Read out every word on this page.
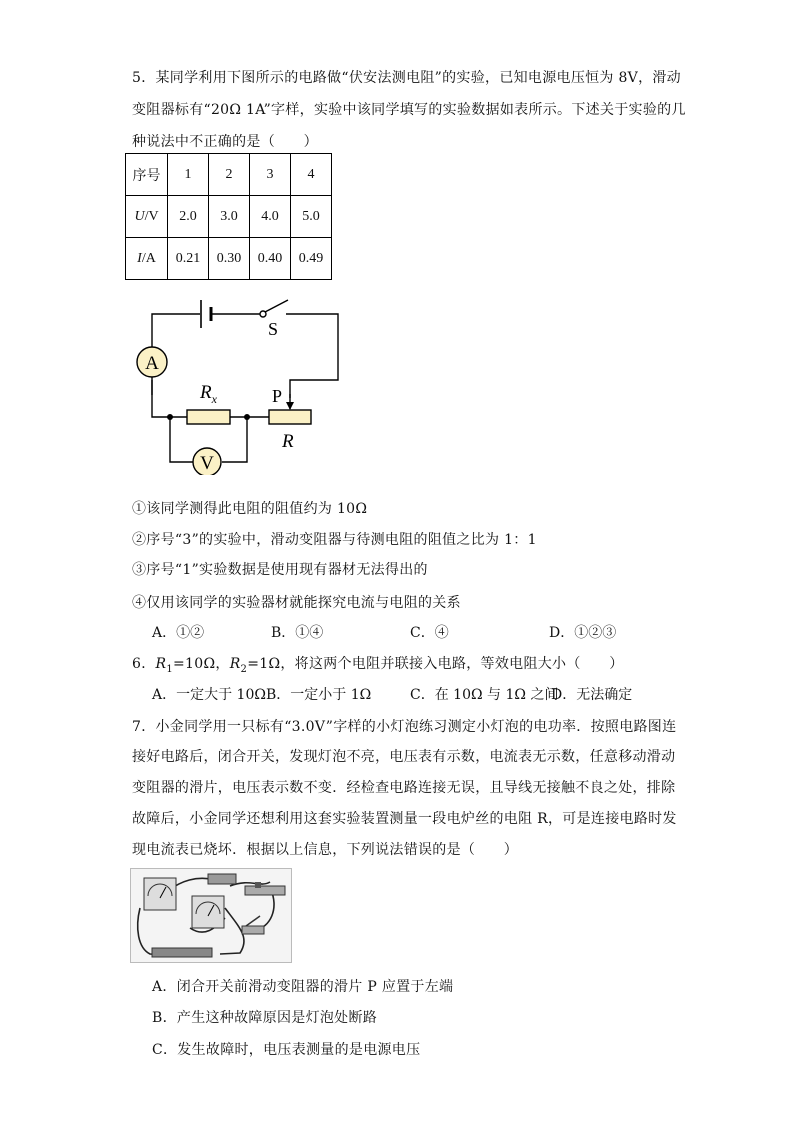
5．某同学利用下图所示的电路做“伏安法测电阻”的实验，已知电源电压恒为 8V，滑动
变阻器标有“20Ω 1A”字样，实验中该同学填写的实验数据如表所示。下述关于实验的几
种说法中不正确的是（　　）
序号	1	2	3	4
U/V	2.0	3.0	4.0	5.0
I/A	0.21	0.30	0.40	0.49
A
$R_x$
R
P
S
V
①该同学测得此电阻的阻值约为 10Ω
②序号“3”的实验中，滑动变阻器与待测电阻的阻值之比为 1：1
③序号“1”实验数据是使用现有器材无法得出的
④仅用该同学的实验器材就能探究电流与电阻的关系
A．①②	B．①④	C．④	D．①②③
6．$R_1=10\Omega$，$R_2=1\Omega$，将这两个电阻并联接入电路，等效电阻大小（　　）
A．一定大于 10Ω B．一定小于 1Ω	C．在 10Ω 与 1Ω 之间
D．无法确定
7．小金同学用一只标有“3.0V”字样的小灯泡练习测定小灯泡的电功率．按照电路图连
接好电路后，闭合开关，发现灯泡不亮，电压表有示数，电流表无示数，任意移动滑动
变阻器的滑片，电压表示数不变．经检查电路连接无误，且导线无接触不良之处，排除
故障后，小金同学还想利用这套实验装置测量一段电炉丝的电阻 R，可是连接电路时发
现电流表已烧坏．根据以上信息，下列说法错误的是（　　）
A．闭合开关前滑动变阻器的滑片 P 应置于左端
B．产生这种故障原因是灯泡处断路
C．发生故障时，电压表测量的是电源电压
